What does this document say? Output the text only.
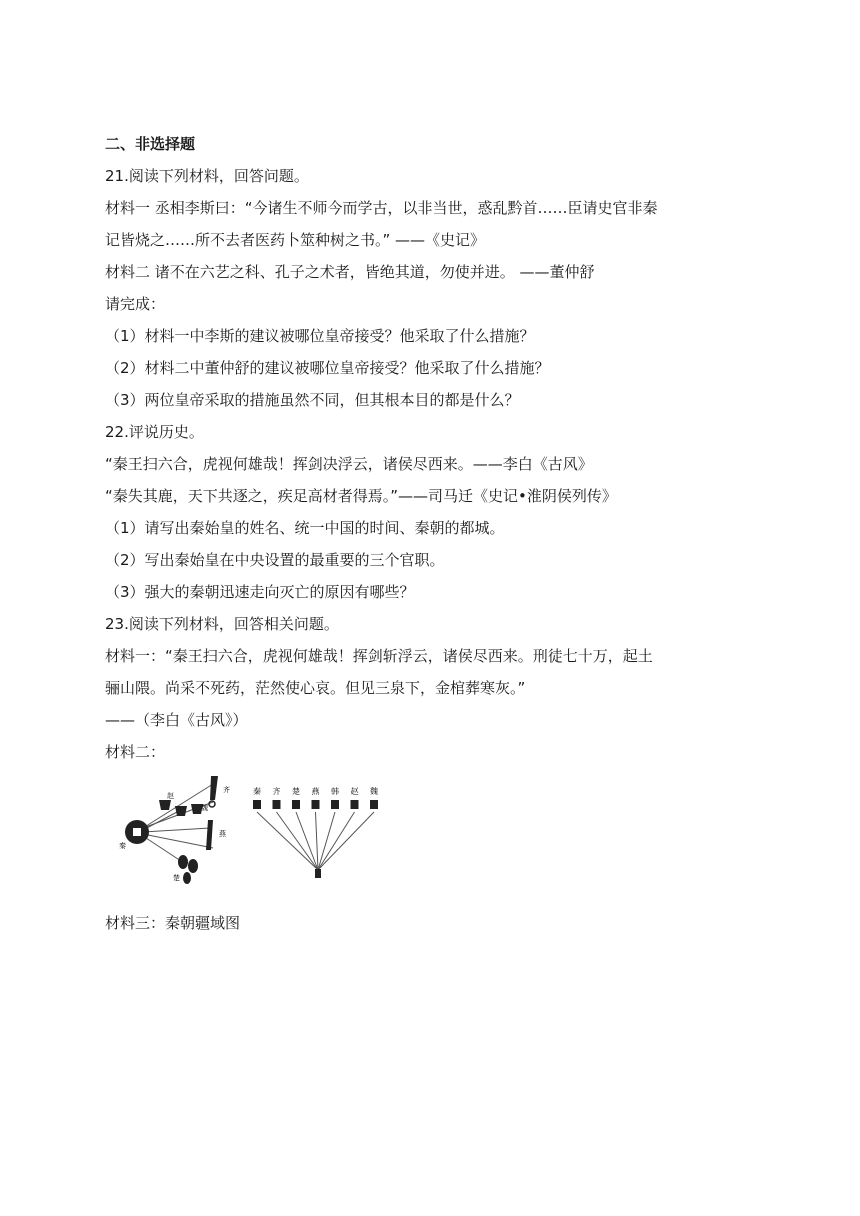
二、非选择题
21.阅读下列材料，回答问题。
材料一 丞相李斯曰：“今诸生不师今而学古，以非当世，惑乱黔首……臣请史官非秦
记皆烧之……所不去者医药卜筮种树之书。” ——《史记》
材料二 诸不在六艺之科、孔子之术者，皆绝其道，勿使并进。 ——董仲舒
请完成：
（1）材料一中李斯的建议被哪位皇帝接受？他采取了什么措施？
（2）材料二中董仲舒的建议被哪位皇帝接受？他采取了什么措施？
（3）两位皇帝采取的措施虽然不同，但其根本目的都是什么？
22.评说历史。
“秦王扫六合，虎视何雄哉！挥剑决浮云，诸侯尽西来。——李白《古风》
“秦失其鹿，天下共逐之，疾足高材者得焉。”——司马迁《史记•淮阴侯列传》
（1）请写出秦始皇的姓名、统一中国的时间、秦朝的都城。
（2）写出秦始皇在中央设置的最重要的三个官职。
（3）强大的秦朝迅速走向灭亡的原因有哪些？
23.阅读下列材料，回答相关问题。
材料一：“秦王扫六合，虎视何雄哉！挥剑斩浮云，诸侯尽西来。刑徒七十万，起土
骊山隈。尚采不死药，茫然使心哀。但见三泉下，金棺葬寒灰。”
——（李白《古风》）
材料二：
秦
齐
赵
魏
燕
楚
秦 齐 楚 燕 韩 赵 魏
材料三：秦朝疆域图
